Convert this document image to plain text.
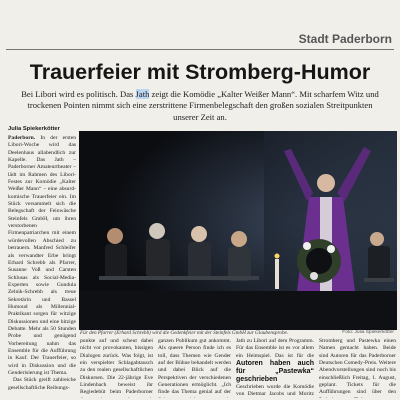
Stadt Paderborn
Trauerfeier mit Stromberg-Humor
Bei Libori wird es politisch. Das Jath zeigt die Komödie „Kalter Weißer Mann“. Mit scharfem Witz und trockenen Pointen nimmt sich eine zerstrittene Firmenbelegschaft den großen sozialen Streitpunkten unserer Zeit an.
Julia Spiekerkötter

Paderborn. In der ersten Libori-Woche wird das Deelenhaus allabendlich zur Kapelle. Das Jath – Paderborner Amateurtheater – lädt im Rahmen des Libori-Festes zur Komödie „Kalter Weißer Mann“ – eine absurd-komische Trauerfeier ein. Im Stück versammelt sich die Belegschaft der Feinwäsche Steinfels GmbH, um ihren verstorbenen Firmenpatriarchen mit einem würdevollen Abschied zu betrauern. Manfred Schleifer als verwandter Erbe bringt Erhard Schrebb als Pfarrer, Susanne Voß und Carsten Schlusas als Social-Media-Experten sowie Gundula Zelnik-Schrebb als treue Sekretärin und Bassel Humoud als Millennial-Praktikant sorgen für witzige Diskussionen und eine hitzige Debatte. Mehr als 50 Stunden Probe und genügend Vorbereitung nahm das Ensemble für die Aufführung in Kauf. Der Trauerfeier, so wird in Diskussion und die Genderisierung ist Thema.

Das Stück greift zahlreiche gesellschaftliche Reibungs-

Für den Pfarrer (Erhard Schrebb) wird die Gedenkfeier mit der Steinfels GmbH zur Glaubensprobe.	Foto: Julia Spiekerkötter
punkte auf und scheut dabei nicht vor provokanten, bissigen Dialogen zurück. Was folgt, ist ein verspielter Schlagabtausch zu den realen gesellschaftlichen Diskursen. Die 22-jährige Eve Lindenbach beweist ihr Regiedebüt beim Paderborner
ganzen Publikum gut ankommt. Als queere Person finde ich es toll, dass Themen wie Gender auf der Bühne behandelt werden und dabei Blick auf die Perspektiven der verschiedenen Generationen ermöglicht. „Ich finde das Thema genial auf der

Jath zu Libori auf dem Programm. Für das Ensemble ist es vor allem ein Heimspiel. Das ist für die

Autoren haben auch für „Pastewka“ geschrieben

Geschrieben wurde die Komödie von Dietmar Jacobs und Moritz

Stromberg und Pastewka einen Namen gemacht haben. Beide sind Autoren für das Paderborner Deutschen Comedy-Preis. Weitere Abendvorstellungen sind noch bis einschließlich Freitag, 1. August, geplant. Tickets für die Aufführungen sind über den
